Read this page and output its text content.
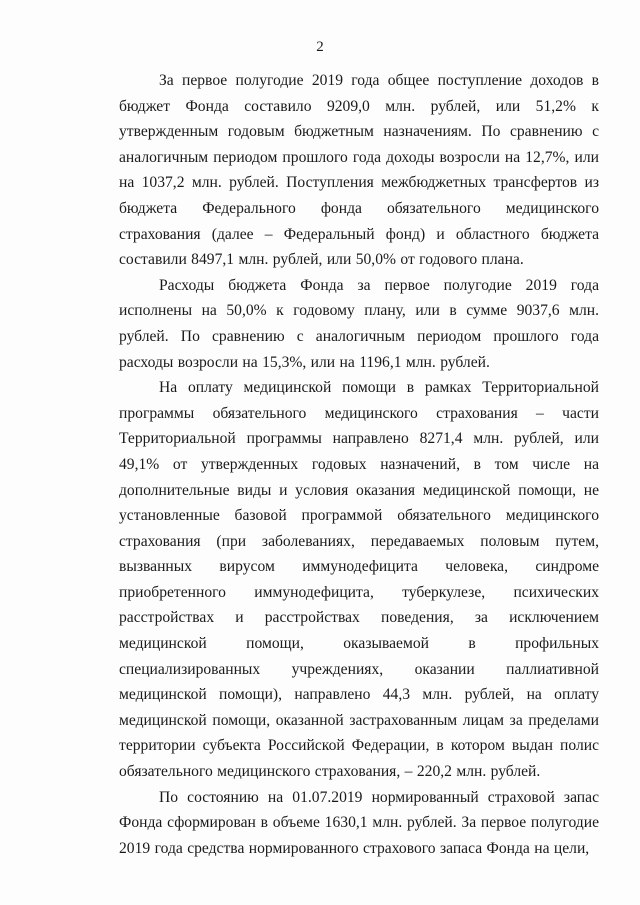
2

За первое полугодие 2019 года общее поступление доходов в бюджет Фонда составило 9209,0 млн. рублей, или 51,2% к утвержденным годовым бюджетным назначениям. По сравнению с аналогичным периодом прошлого года доходы возросли на 12,7%, или на 1037,2 млн. рублей. Поступления межбюджетных трансфертов из бюджета Федерального фонда обязательного медицинского страхования (далее – Федеральный фонд) и областного бюджета составили 8497,1 млн. рублей, или 50,0% от годового плана.

Расходы бюджета Фонда за первое полугодие 2019 года исполнены на 50,0% к годовому плану, или в сумме 9037,6 млн. рублей. По сравнению с аналогичным периодом прошлого года расходы возросли на 15,3%, или на 1196,1 млн. рублей.

На оплату медицинской помощи в рамках Территориальной программы обязательного медицинского страхования – части Территориальной программы направлено 8271,4 млн. рублей, или 49,1% от утвержденных годовых назначений, в том числе на дополнительные виды и условия оказания медицинской помощи, не установленные базовой программой обязательного медицинского страхования (при заболеваниях, передаваемых половым путем, вызванных вирусом иммунодефицита человека, синдроме приобретенного иммунодефицита, туберкулезе, психических расстройствах и расстройствах поведения, за исключением медицинской помощи, оказываемой в профильных специализированных учреждениях, оказании паллиативной медицинской помощи), направлено 44,3 млн. рублей, на оплату медицинской помощи, оказанной застрахованным лицам за пределами территории субъекта Российской Федерации, в котором выдан полис обязательного медицинского страхования, – 220,2 млн. рублей.

По состоянию на 01.07.2019 нормированный страховой запас Фонда сформирован в объеме 1630,1 млн. рублей. За первое полугодие 2019 года средства нормированного страхового запаса Фонда на цели,
